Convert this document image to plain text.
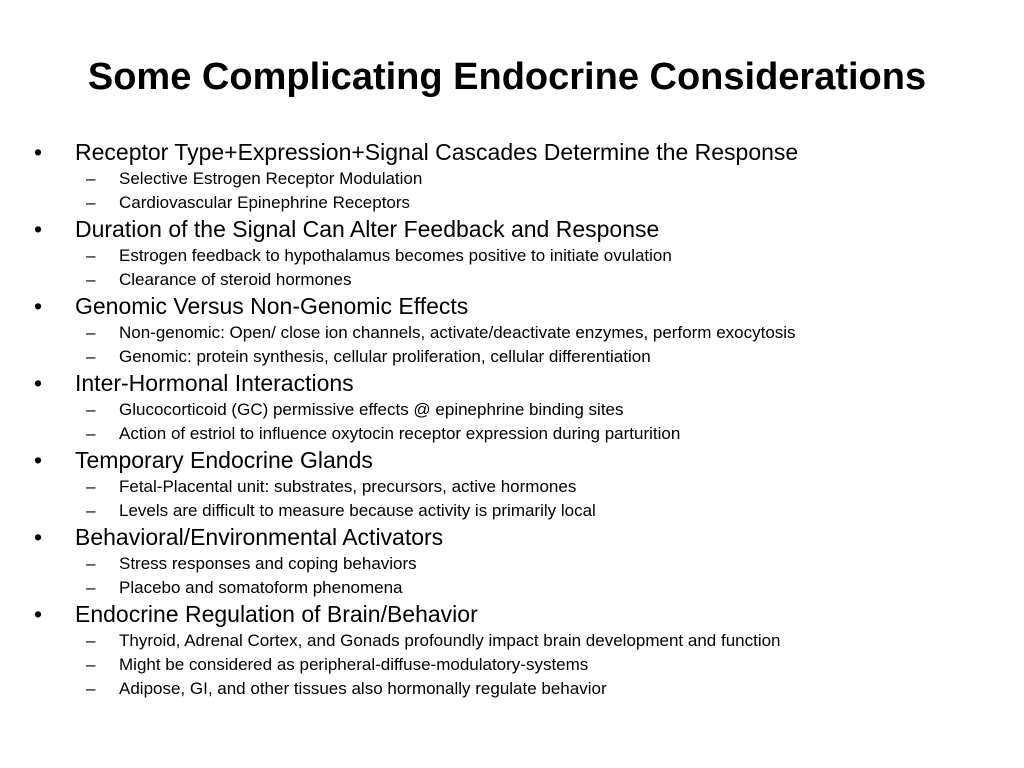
Some Complicating Endocrine Considerations
•	Receptor Type+Expression+Signal Cascades Determine the Response
– Selective Estrogen Receptor Modulation
– Cardiovascular Epinephrine Receptors
•	Duration of the Signal Can Alter Feedback and Response
– Estrogen feedback to hypothalamus becomes positive to initiate ovulation
– Clearance of steroid hormones
•	Genomic Versus Non-Genomic Effects
– Non-genomic: Open/ close ion channels, activate/deactivate enzymes, perform exocytosis
– Genomic: protein synthesis, cellular proliferation, cellular differentiation
•	Inter-Hormonal Interactions
– Glucocorticoid (GC) permissive effects @ epinephrine binding sites
– Action of estriol to influence oxytocin receptor expression during parturition
•	Temporary Endocrine Glands
– Fetal-Placental unit: substrates, precursors, active hormones
– Levels are difficult to measure because activity is primarily local
•	Behavioral/Environmental Activators
– Stress responses and coping behaviors
– Placebo and somatoform phenomena
•	Endocrine Regulation of Brain/Behavior
– Thyroid, Adrenal Cortex, and Gonads profoundly impact brain development and function
– Might be considered as peripheral-diffuse-modulatory-systems
– Adipose, GI, and other tissues also hormonally regulate behavior
